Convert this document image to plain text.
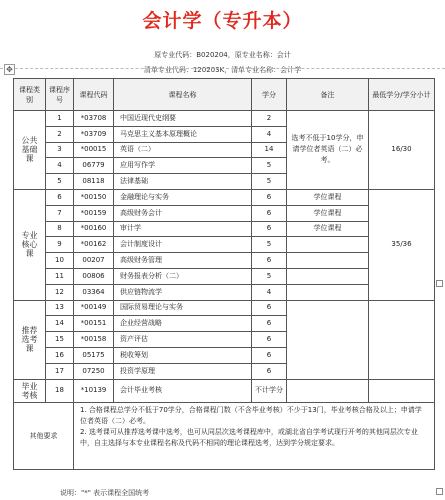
会计学（专升本）
原专业代码：B020204，原专业名称：会计
清单专业代码：120203K，清单专业名称：会计学
✥
课程类别	课程序号	课程代码	课程名称	学分	备注	最低学分/学分小计
公共基础课	1	*03708	中国近现代史纲要	2	选考不低于10学分，申请学位者英语（二）必考。	16/30
	2	*03709	马克思主义基本原理概论	4		
	3	*00015	英语（二）	14		
	4	06779	应用写作学	5		
	5	08118	法律基础	5		
专业核心课	6	*00150	金融理论与实务	6	学位课程	35/36
	7	*00159	高级财务会计	6	学位课程	
	8	*00160	审计学	6	学位课程	
	9	*00162	会计制度设计	5		
	10	00207	高级财务管理	6		
	11	00806	财务报表分析（二）	5		
	12	03364	供应链物流学	4		
推荐选考课	13	*00149	国际贸易理论与实务	6		
	14	*00151	企业经营战略	6		
	15	*00158	资产评估	6		
	16	05175	税收筹划	6		
	17	07250	投资学原理	6		
毕业考核	18	*10139	会计毕业考核	不计学分		
其他要求		1. 合格课程总学分不低于70学分，合格课程门数（不含毕业考核）不少于13门，毕业考核合格及以上；申请学位者英语（二）必考。
2. 选考课可从推荐选考课中选考，也可从同层次选考课程库中，或湖北省自学考试现行开考的其他同层次专业中，自主选择与本专业课程名称及代码不相同的理论课程选考，达到学分规定要求。				
说明："*" 表示课程全国统考
